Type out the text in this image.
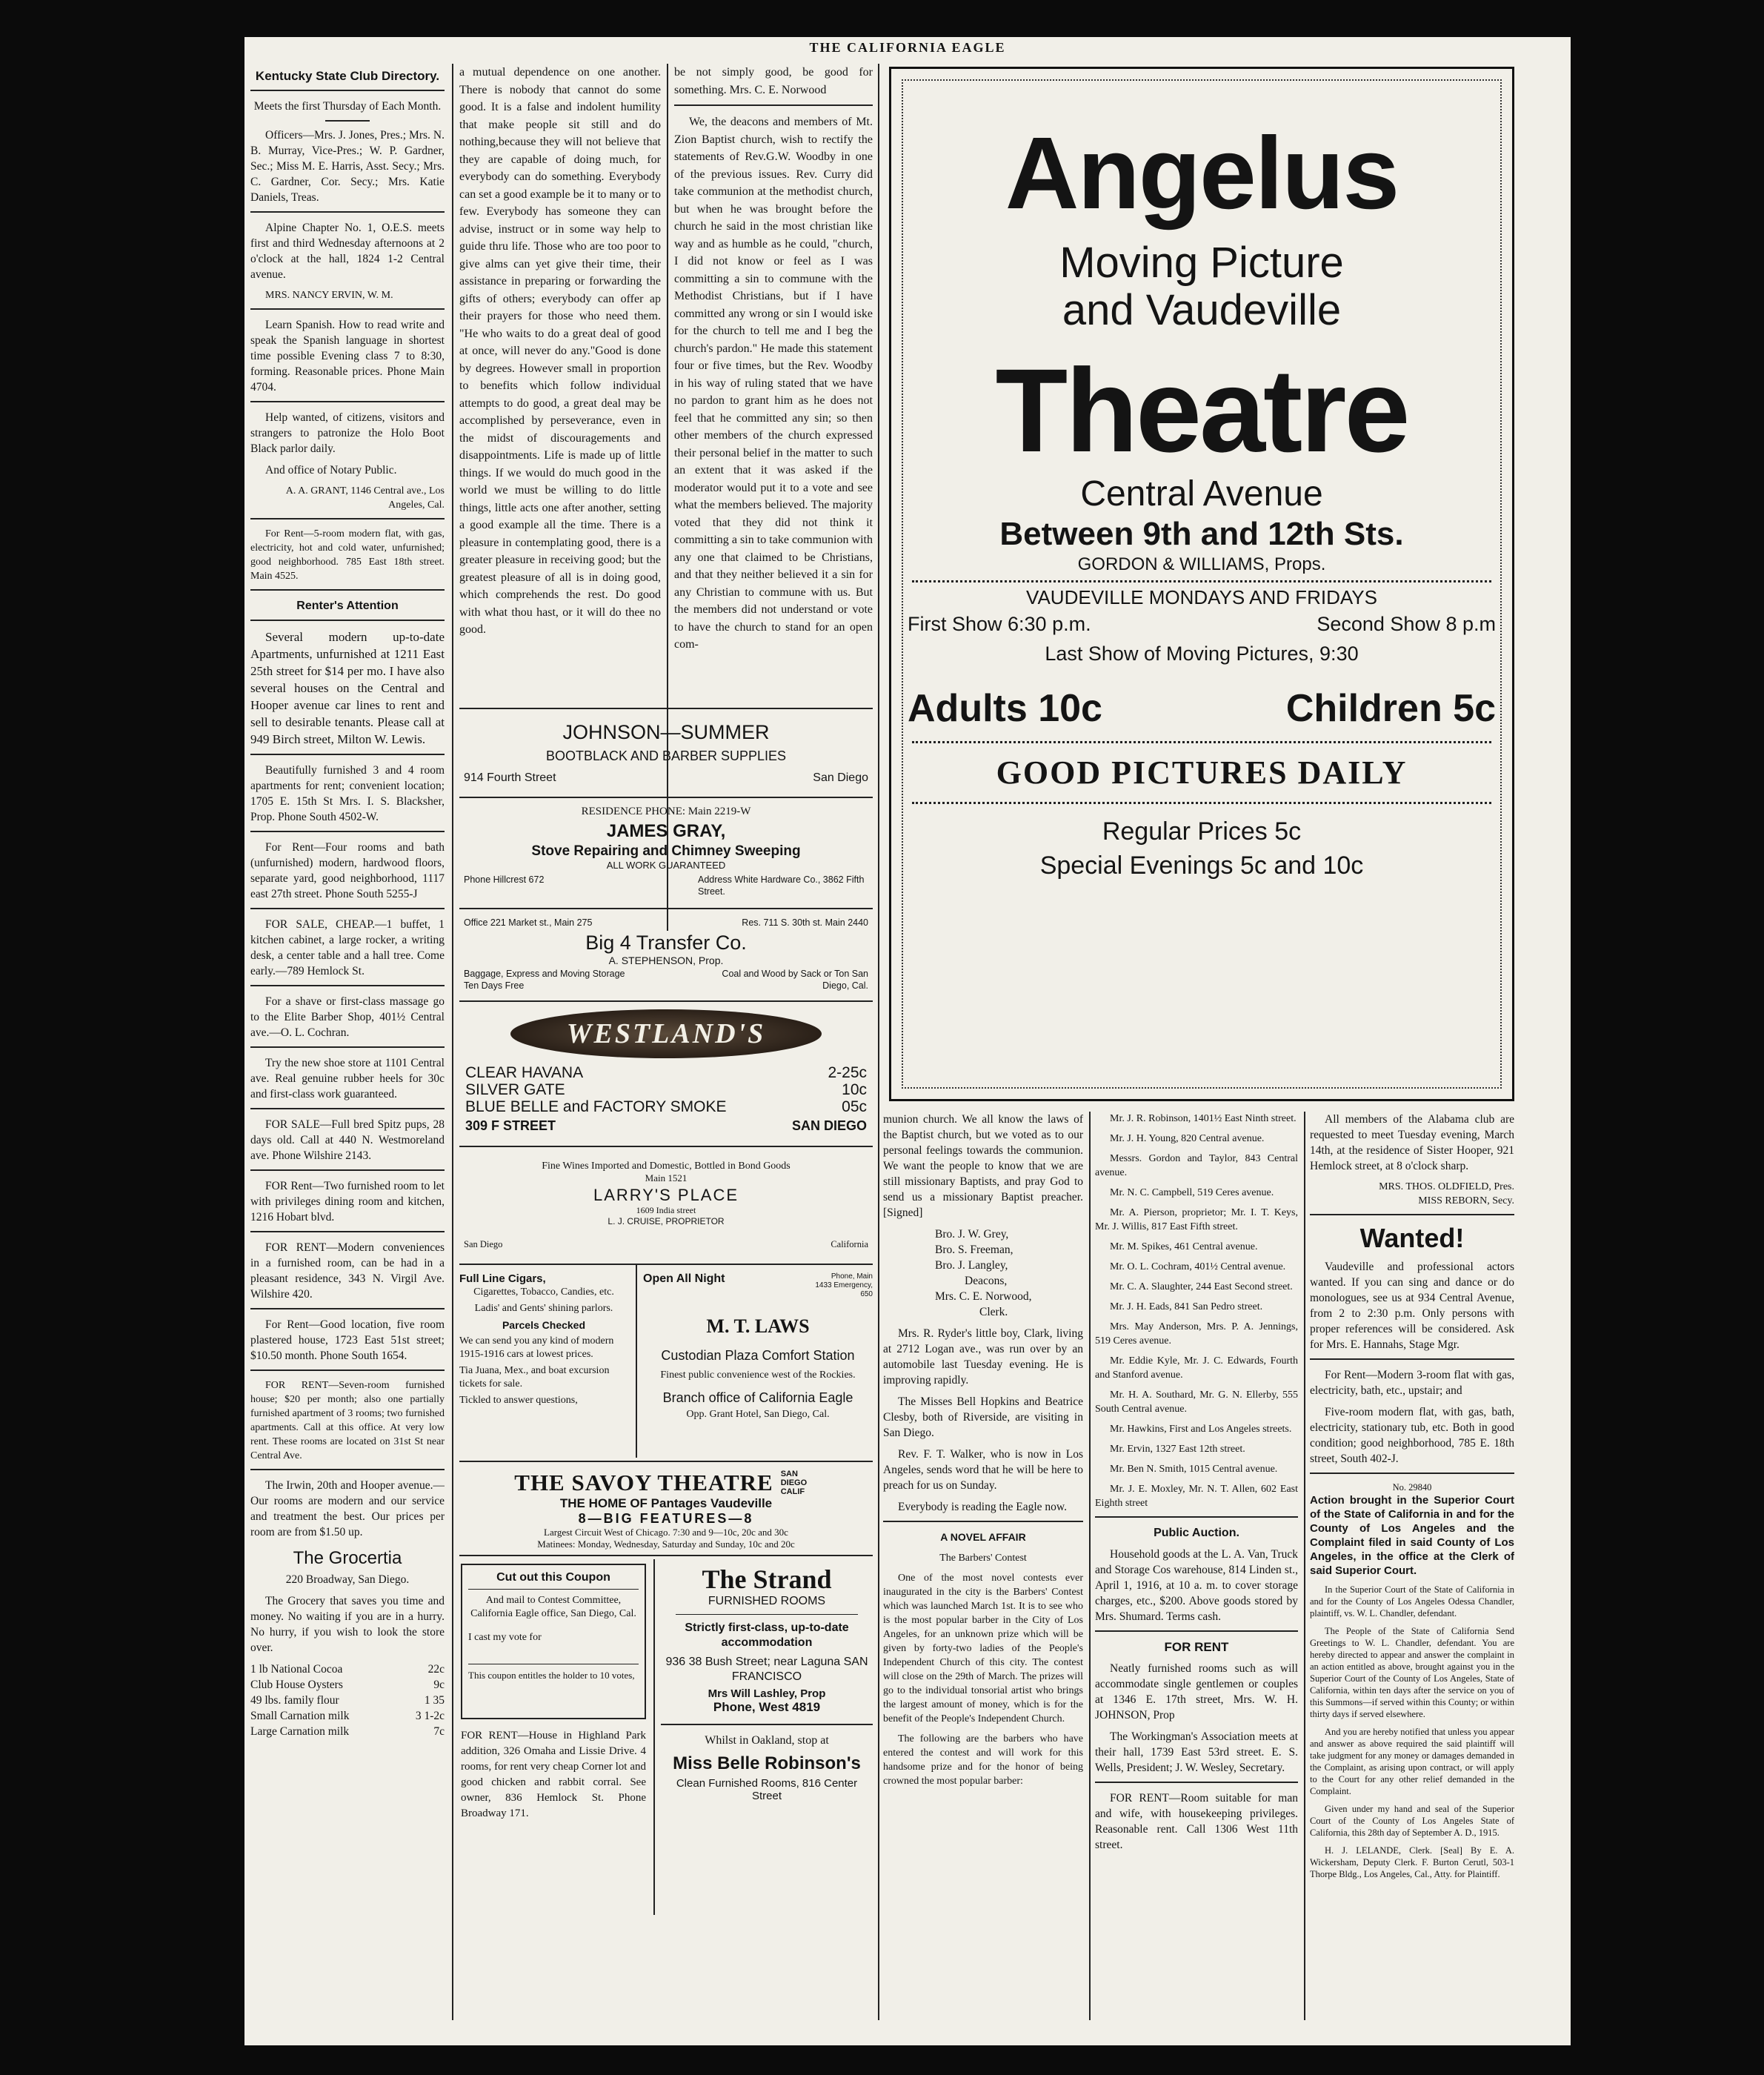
THE CALIFORNIA EAGLE
Kentucky State Club Directory.

Meets the first Thursday of Each Month.

Officers—Mrs. J. Jones, Pres.; Mrs. N. B. Murray, Vice-Pres.; W. P. Gardner, Sec.; Miss M. E. Harris, Asst. Secy.; Mrs. C. Gardner, Cor. Secy.; Mrs. Katie Daniels, Treas.

Alpine Chapter No. 1, O.E.S. meets first and third Wednesday afternoons at 2 o'clock at the hall, 1824 1-2 Central avenue.

MRS. NANCY ERVIN, W. M.

Learn Spanish. How to read write and speak the Spanish language in shortest time possible Evening class 7 to 8:30, forming. Reasonable prices. Phone Main 4704.

Help wanted, of citizens, visitors and strangers to patronize the Holo Boot Black parlor daily.

And office of Notary Public.

A. A. GRANT, 1146 Central ave., Los Angeles, Cal.

For Rent—5-room modern flat, with gas, electricity, hot and cold water, unfurnished; good neighborhood. 785 East 18th street. Main 4525.

Renter's Attention

Several modern up-to-date Apartments, unfurnished at 1211 East 25th street for $14 per mo. I have also several houses on the Central and Hooper avenue car lines to rent and sell to desirable tenants. Please call at 949 Birch street, Milton W. Lewis.

Beautifully furnished 3 and 4 room apartments for rent; convenient location; 1705 E. 15th St Mrs. I. S. Blacksher, Prop. Phone South 4502-W.

For Rent—Four rooms and bath (unfurnished) modern, hardwood floors, separate yard, good neighborhood, 1117 east 27th street. Phone South 5255-J

FOR SALE, CHEAP.—1 buffet, 1 kitchen cabinet, a large rocker, a writing desk, a center table and a hall tree. Come early.—789 Hemlock St.

For a shave or first-class massage go to the Elite Barber Shop, 401½ Central ave.—O. L. Cochran.

Try the new shoe store at 1101 Central ave. Real genuine rubber heels for 30c and first-class work guaranteed.

FOR SALE—Full bred Spitz pups, 28 days old. Call at 440 N. Westmoreland ave. Phone Wilshire 2143.

FOR Rent—Two furnished room to let with privileges dining room and kitchen, 1216 Hobart blvd.

FOR RENT—Modern conveniences in a furnished room, can be had in a pleasant residence, 343 N. Virgil Ave. Wilshire 420.

For Rent—Good location, five room plastered house, 1723 East 51st street; $10.50 month. Phone South 1654.

FOR RENT—Seven-room furnished house; $20 per month; also one partially furnished apartment of 3 rooms; two furnished apartments. Call at this office. At very low rent. These rooms are located on 31st St near Central Ave.

The Irwin, 20th and Hooper avenue.—Our rooms are modern and our service and treatment the best. Our prices per room are from $1.50 up.

The Grocertia

220 Broadway, San Diego.

The Grocery that saves you time and money. No waiting if you are in a hurry. No hurry, if you wish to look the store over.

1 lb National Cocoa	22c
Club House Oysters	9c
49 lbs. family flour	1 35
Small Carnation milk	3 1-2c
Large Carnation milk	7c

a mutual dependence on one another. There is nobody that cannot do some good. It is a false and indolent humility that make people sit still and do nothing,because they will not believe that they are capable of doing much, for everybody can do something. Everybody can set a good example be it to many or to few. Everybody has someone they can advise, instruct or in some way help to guide thru life. Those who are too poor to give alms can yet give their time, their assistance in preparing or forwarding the gifts of others; everybody can offer ap their prayers for those who need them. "He who waits to do a great deal of good at once, will never do any."Good is done by degrees. However small in proportion to benefits which follow individual attempts to do good, a great deal may be accomplished by perseverance, even in the midst of discouragements and disappointments. Life is made up of little things. If we would do much good in the world we must be willing to do little things, little acts one after another, setting a good example all the time. There is a pleasure in contemplating good, there is a greater pleasure in receiving good; but the greatest pleasure of all is in doing good, which comprehends the rest. Do good with what thou hast, or it will do thee no good.

be not simply good, be good for something. Mrs. C. E. Norwood

We, the deacons and members of Mt. Zion Baptist church, wish to rectify the statements of Rev.G.W. Woodby in one of the previous issues. Rev. Curry did take communion at the methodist church, but when he was brought before the church he said in the most christian like way and as humble as he could, "church, I did not know or feel as I was committing a sin to commune with the Methodist Christians, but if I have committed any wrong or sin I would iske for the church to tell me and I beg the church's pardon." He made this statement four or five times, but the Rev. Woodby in his way of ruling stated that we have no pardon to grant him as he does not feel that he committed any sin; so then other members of the church expressed their personal belief in the matter to such an extent that it was asked if the moderator would put it to a vote and see what the members believed. The majority voted that they did not think it committing a sin to take communion with any one that claimed to be Christians, and that they neither believed it a sin for any Christian to commune with us. But the members did not understand or vote to have the church to stand for an open com-

JOHNSON—SUMMER
BOOTBLACK AND BARBER SUPPLIES
914 Fourth Street	San Diego
RESIDENCE PHONE: Main 2219-W
JAMES GRAY,
Stove Repairing and Chimney Sweeping
ALL WORK GUARANTEED
Phone Hillcrest 672	Address White Hardware Co., 3862 Fifth Street.
Office 221 Market st., Main 275	Res. 711 S. 30th st. Main 2440
Big 4 Transfer Co.
A. STEPHENSON, Prop.
Baggage, Express and Moving Storage Ten Days Free
Coal and Wood by Sack or Ton San Diego, Cal.
WESTLAND'S
CLEAR HAVANA	2-25c
SILVER GATE	10c
BLUE BELLE and FACTORY SMOKE	05c
309 F STREET	SAN DIEGO
Fine Wines Imported and Domestic, Bottled in Bond Goods
Main 1521
LARRY'S PLACE
1609 India street
L. J. CRUISE, PROPRIETOR
San Diego	California
Full Line Cigars,
Cigarettes, Tobacco, Candies, etc.
Ladis' and Gents' shining parlors.
Parcels Checked
We can send you any kind of modern 1915-1916 cars at lowest prices.
Tia Juana, Mex., and boat excursion tickets for sale.
Tickled to answer questions,
Open All Night	Phone, Main 1433 Emergency, 650
M. T. LAWS
Custodian Plaza Comfort Station
Finest public convenience west of the Rockies.
Branch office of California Eagle
Opp. Grant Hotel, San Diego, Cal.
THE SAVOY THEATRE SAN DIEGO CALIF
THE HOME OF Pantages Vaudeville
8—BIG FEATURES—8
Largest Circuit West of Chicago. 7:30 and 9—10c, 20c and 30c
Matinees: Monday, Wednesday, Saturday and Sunday, 10c and 20c
Cut out this Coupon
And mail to Contest Committee, California Eagle office, San Diego, Cal.
I cast my vote for
This coupon entitles the holder to 10 votes,
FOR RENT—House in Highland Park addition, 326 Omaha and Lissie Drive. 4 rooms, for rent very cheap Corner lot and good chicken and rabbit corral. See owner, 836 Hemlock St. Phone Broadway 171.
The Strand
FURNISHED ROOMS
Strictly first-class, up-to-date accommodation
936 38 Bush Street; near Laguna SAN FRANCISCO
Mrs Will Lashley, Prop
Phone, West 4819
Whilst in Oakland, stop at
Miss Belle Robinson's
Clean Furnished Rooms, 816 Center Street
Angelus
Moving Picture
and Vaudeville
Theatre
Central Avenue
Between 9th and 12th Sts.
GORDON & WILLIAMS, Props.
VAUDEVILLE MONDAYS AND FRIDAYS
First Show 6:30 p.m.	Second Show 8 p.m
Last Show of Moving Pictures, 9:30
Adults 10c	Children 5c
GOOD PICTURES DAILY
Regular Prices 5c
Special Evenings 5c and 10c

munion church. We all know the laws of the Baptist church, but we voted as to our personal feelings towards the communion. We want the people to know that we are still missionary Baptists, and pray God to send us a missionary Baptist preacher. [Signed]

Bro. J. W. Grey,
Bro. S. Freeman,
Bro. J. Langley,
Deacons,
Mrs. C. E. Norwood,
Clerk.

Mrs. R. Ryder's little boy, Clark, living at 2712 Logan ave., was run over by an automobile last Tuesday evening. He is improving rapidly.

The Misses Bell Hopkins and Beatrice Clesby, both of Riverside, are visiting in San Diego.

Rev. F. T. Walker, who is now in Los Angeles, sends word that he will be here to preach for us on Sunday.

Everybody is reading the Eagle now.

A NOVEL AFFAIR
The Barbers' Contest

One of the most novel contests ever inaugurated in the city is the Barbers' Contest which was launched March 1st. It is to see who is the most popular barber in the City of Los Angeles, for an unknown prize which will be given by forty-two ladies of the People's Independent Church of this city. The contest will close on the 29th of March. The prizes will go to the individual tonsorial artist who brings the largest amount of money, which is for the benefit of the People's Independent Church.

The following are the barbers who have entered the contest and will work for this handsome prize and for the honor of being crowned the most popular barber:

Mr. J. R. Robinson, 1401½ East Ninth street.

Mr. J. H. Young, 820 Central avenue.

Messrs. Gordon and Taylor, 843 Central avenue.

Mr. N. C. Campbell, 519 Ceres avenue.

Mr. A. Pierson, proprietor; Mr. I. T. Keys, Mr. J. Willis, 817 East Fifth street.

Mr. M. Spikes, 461 Central avenue.

Mr. O. L. Cochram, 401½ Central avenue.

Mr. C. A. Slaughter, 244 East Second street.

Mr. J. H. Eads, 841 San Pedro street.

Mrs. May Anderson, Mrs. P. A. Jennings, 519 Ceres avenue.

Mr. Eddie Kyle, Mr. J. C. Edwards, Fourth and Stanford avenue.

Mr. H. A. Southard, Mr. G. N. Ellerby, 555 South Central avenue.

Mr. Hawkins, First and Los Angeles streets.

Mr. Ervin, 1327 East 12th street.

Mr. Ben N. Smith, 1015 Central avenue.

Mr. J. E. Moxley, Mr. N. T. Allen, 602 East Eighth street

Public Auction.

Household goods at the L. A. Van, Truck and Storage Cos warehouse, 814 Linden st., April 1, 1916, at 10 a. m. to cover storage charges, etc., $200. Above goods stored by Mrs. Shumard. Terms cash.

FOR RENT

Neatly furnished rooms such as will accommodate single gentlemen or couples at 1346 E. 17th street, Mrs. W. H. JOHNSON, Prop

The Workingman's Association meets at their hall, 1739 East 53rd street. E. S. Wells, President; J. W. Wesley, Secretary.

FOR RENT—Room suitable for man and wife, with housekeeping privileges. Reasonable rent. Call 1306 West 11th street.

All members of the Alabama club are requested to meet Tuesday evening, March 14th, at the residence of Sister Hooper, 921 Hemlock street, at 8 o'clock sharp.

MRS. THOS. OLDFIELD, Pres.

MISS REBORN, Secy.

Wanted!

Vaudeville and professional actors wanted. If you can sing and dance or do monologues, see us at 934 Central Avenue, from 2 to 2:30 p.m. Only persons with proper references will be considered. Ask for Mrs. E. Hannahs, Stage Mgr.

For Rent—Modern 3-room flat with gas, electricity, bath, etc., upstair; and

Five-room modern flat, with gas, bath, electricity, stationary tub, etc. Both in good condition; good neighborhood, 785 E. 18th street, South 402-J.

No. 29840

Action brought in the Superior Court of the State of California in and for the County of Los Angeles and the Complaint filed in said County of Los Angeles, in the office at the Clerk of said Superior Court.

In the Superior Court of the State of California in and for the County of Los Angeles Odessa Chandler, plaintiff, vs. W. L. Chandler, defendant.

The People of the State of California Send Greetings to W. L. Chandler, defendant. You are hereby directed to appear and answer the complaint in an action entitled as above, brought against you in the Superior Court of the County of Los Angeles, State of California, within ten days after the service on you of this Summons—if served within this County; or within thirty days if served elsewhere.

And you are hereby notified that unless you appear and answer as above required the said plaintiff will take judgment for any money or damages demanded in the Complaint, as arising upon contract, or will apply to the Court for any other relief demanded in the Complaint.

Given under my hand and seal of the Superior Court of the County of Los Angeles State of California, this 28th day of September A. D., 1915.

H. J. LELANDE, Clerk. [Seal] By E. A. Wickersham, Deputy Clerk. F. Burton Cerutl, 503-1 Thorpe Bldg., Los Angeles, Cal., Atty. for Plaintiff.
